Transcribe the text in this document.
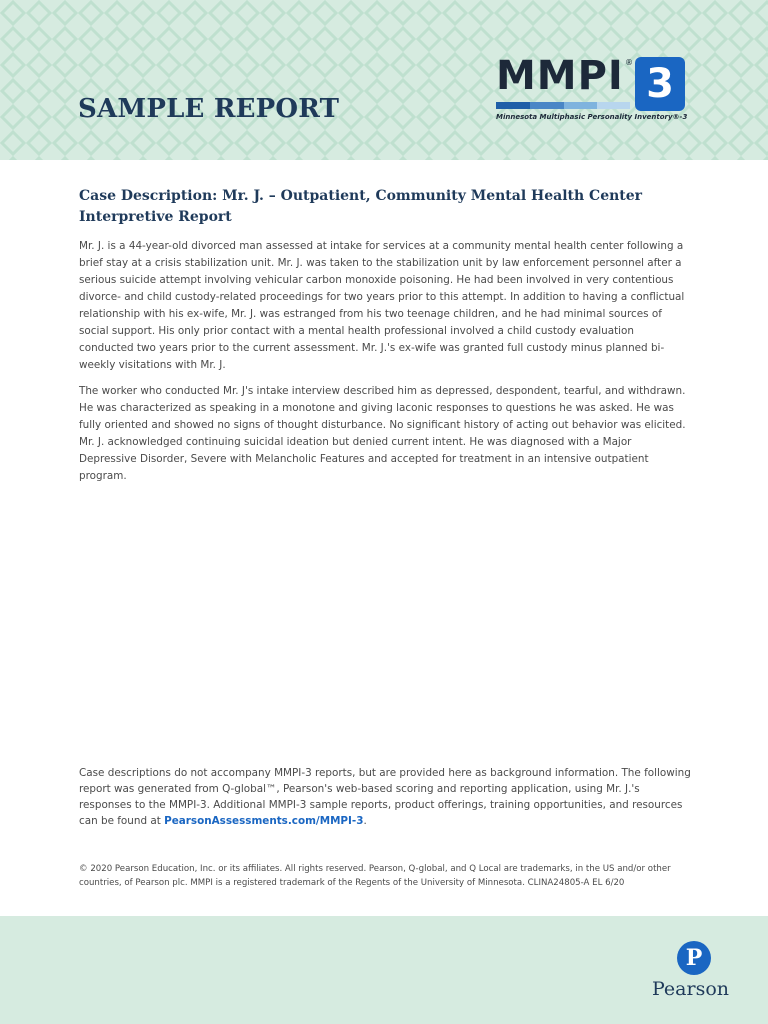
SAMPLE REPORT
MMPI ® 3
Minnesota Multiphasic Personality Inventory®-3
Case Description: Mr. J. – Outpatient, Community Mental Health Center
Interpretive Report

Mr. J. is a 44-year-old divorced man assessed at intake for services at a community mental health center following a brief stay at a crisis stabilization unit. Mr. J. was taken to the stabilization unit by law enforcement personnel after a serious suicide attempt involving vehicular carbon monoxide poisoning. He had been involved in very contentious divorce- and child custody-related proceedings for two years prior to this attempt. In addition to having a conflictual relationship with his ex-wife, Mr. J. was estranged from his two teenage children, and he had minimal sources of social support. His only prior contact with a mental health professional involved a child custody evaluation conducted two years prior to the current assessment. Mr. J.'s ex-wife was granted full custody minus planned bi-weekly visitations with Mr. J.

The worker who conducted Mr. J's intake interview described him as depressed, despondent, tearful, and withdrawn. He was characterized as speaking in a monotone and giving laconic responses to questions he was asked. He was fully oriented and showed no signs of thought disturbance. No significant history of acting out behavior was elicited. Mr. J. acknowledged continuing suicidal ideation but denied current intent. He was diagnosed with a Major Depressive Disorder, Severe with Melancholic Features and accepted for treatment in an intensive outpatient program.

Case descriptions do not accompany MMPI-3 reports, but are provided here as background information. The following report was generated from Q-global™, Pearson's web-based scoring and reporting application, using Mr. J.'s responses to the MMPI-3. Additional MMPI-3 sample reports, product offerings, training opportunities, and resources can be found at PearsonAssessments.com/MMPI-3.
© 2020 Pearson Education, Inc. or its affiliates. All rights reserved. Pearson, Q-global, and Q Local are trademarks, in the US and/or other countries, of Pearson plc. MMPI is a registered trademark of the Regents of the University of Minnesota. CLINA24805-A EL 6/20
P
Pearson
